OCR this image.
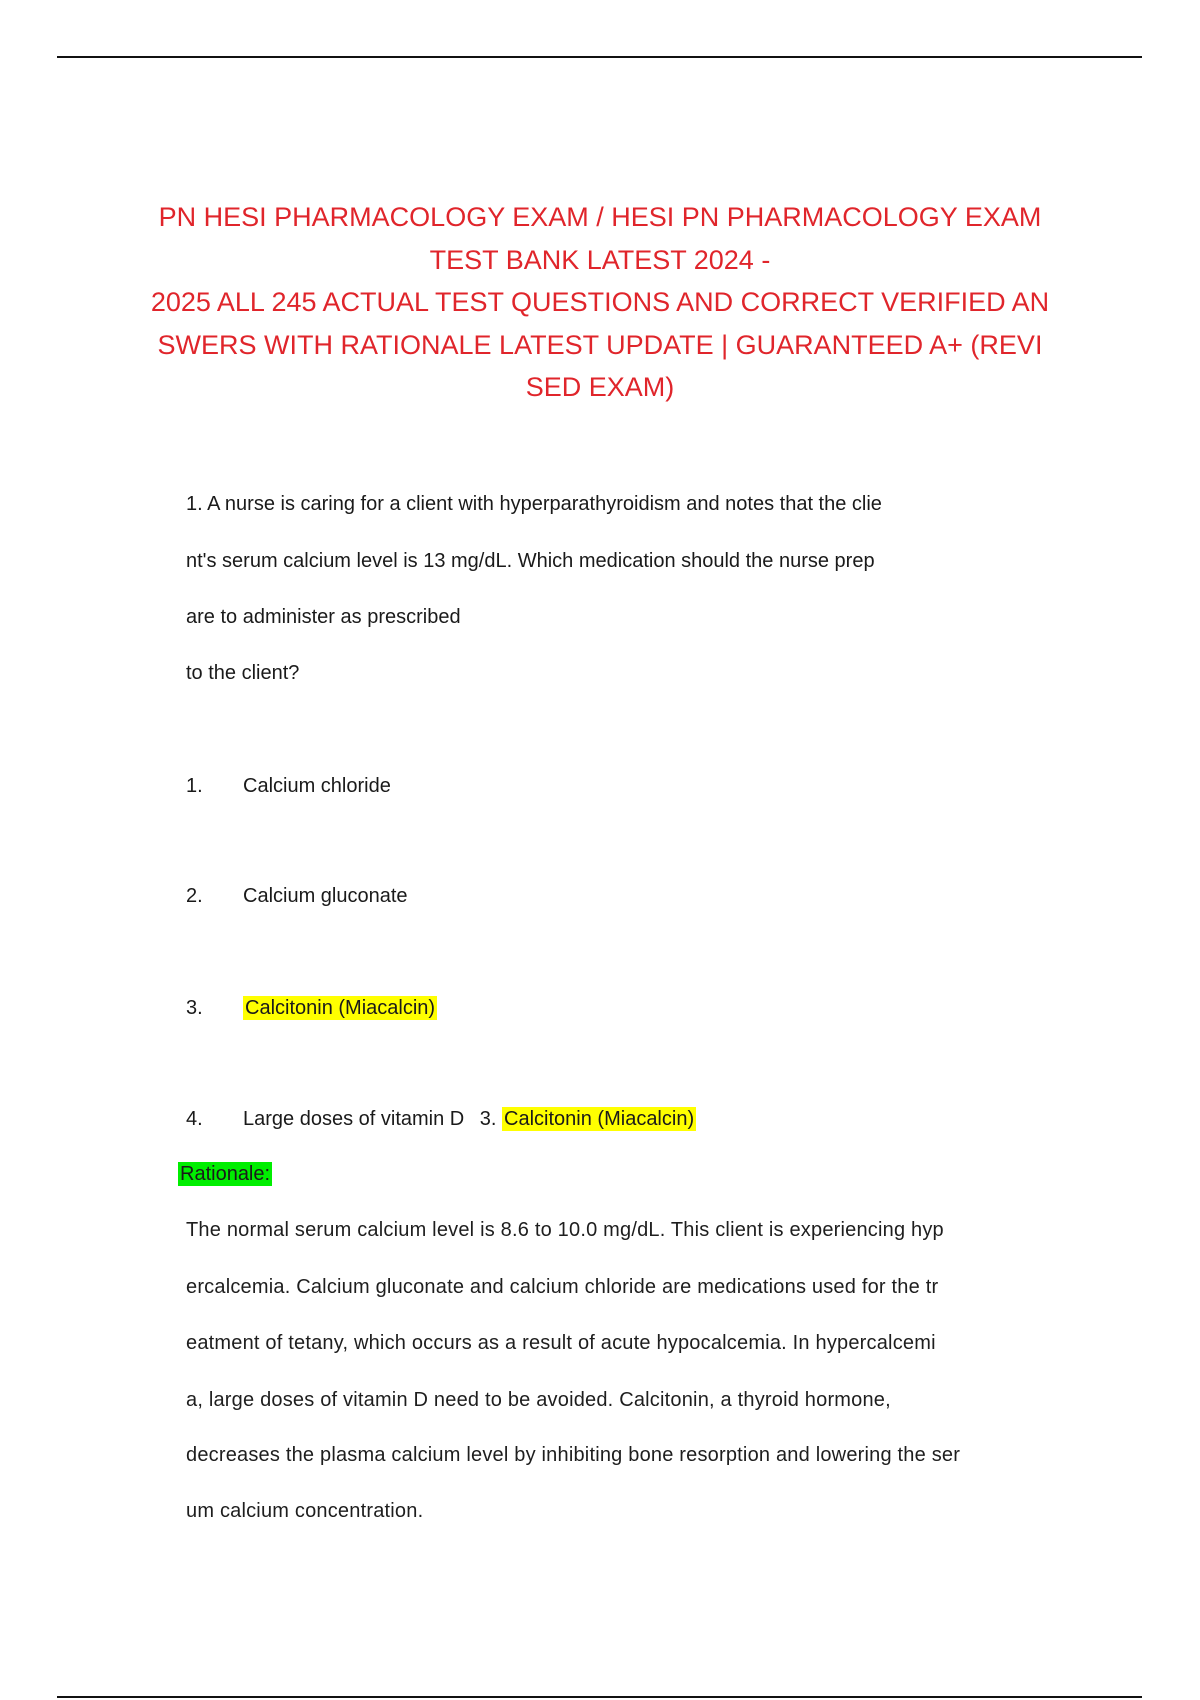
PN HESI PHARMACOLOGY EXAM / HESI PN PHARMACOLOGY EXAM
TEST BANK LATEST 2024 -
2025 ALL 245 ACTUAL TEST QUESTIONS AND CORRECT VERIFIED AN
SWERS WITH RATIONALE LATEST UPDATE | GUARANTEED A+ (REVI
SED EXAM)
1. A nurse is caring for a client with hyperparathyroidism and notes that the clie
nt's serum calcium level is 13 mg/dL. Which medication should the nurse prep
are to administer as prescribed
to the client?
1. Calcium chloride
2. Calcium gluconate
3. Calcitonin (Miacalcin)
4. Large doses of vitamin D 3. Calcitonin (Miacalcin)
Rationale:
The normal serum calcium level is 8.6 to 10.0 mg/dL. This client is experiencing hyp
ercalcemia. Calcium gluconate and calcium chloride are medications used for the tr
eatment of tetany, which occurs as a result of acute hypocalcemia. In hypercalcemi
a, large doses of vitamin D need to be avoided. Calcitonin, a thyroid hormone,
decreases the plasma calcium level by inhibiting bone resorption and lowering the ser
um calcium concentration.
